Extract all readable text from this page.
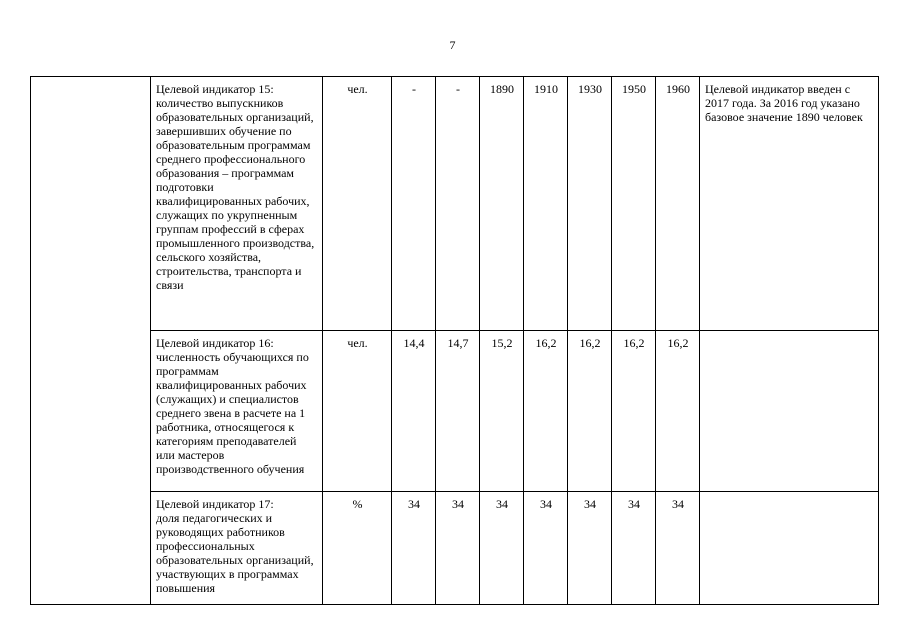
7

	Целевой индикатор 15:
количество выпускников образовательных организаций, завершивших обучение по образовательным программам среднего профессионального образования – программам подготовки квалифицированных рабочих, служащих по укрупненным группам профессий в сферах промышленного производства, сельского хозяйства, строительства, транспорта и связи	чел.	-	-	1890	1910	1930	1950	1960	Целевой индикатор введен с 2017 года. За 2016 год указано базовое значение 1890 человек

	Целевой индикатор 16:
численность обучающихся по программам квалифицированных рабочих (служащих) и специалистов среднего звена в расчете на 1 работника, относящегося к категориям преподавателей или мастеров производственного обучения	чел.	14,4	14,7	15,2	16,2	16,2	16,2	16,2	

	Целевой индикатор 17:
доля педагогических и руководящих работников профессиональных образовательных организаций, участвующих в программах повышения	%	34	34	34	34	34	34	34	
